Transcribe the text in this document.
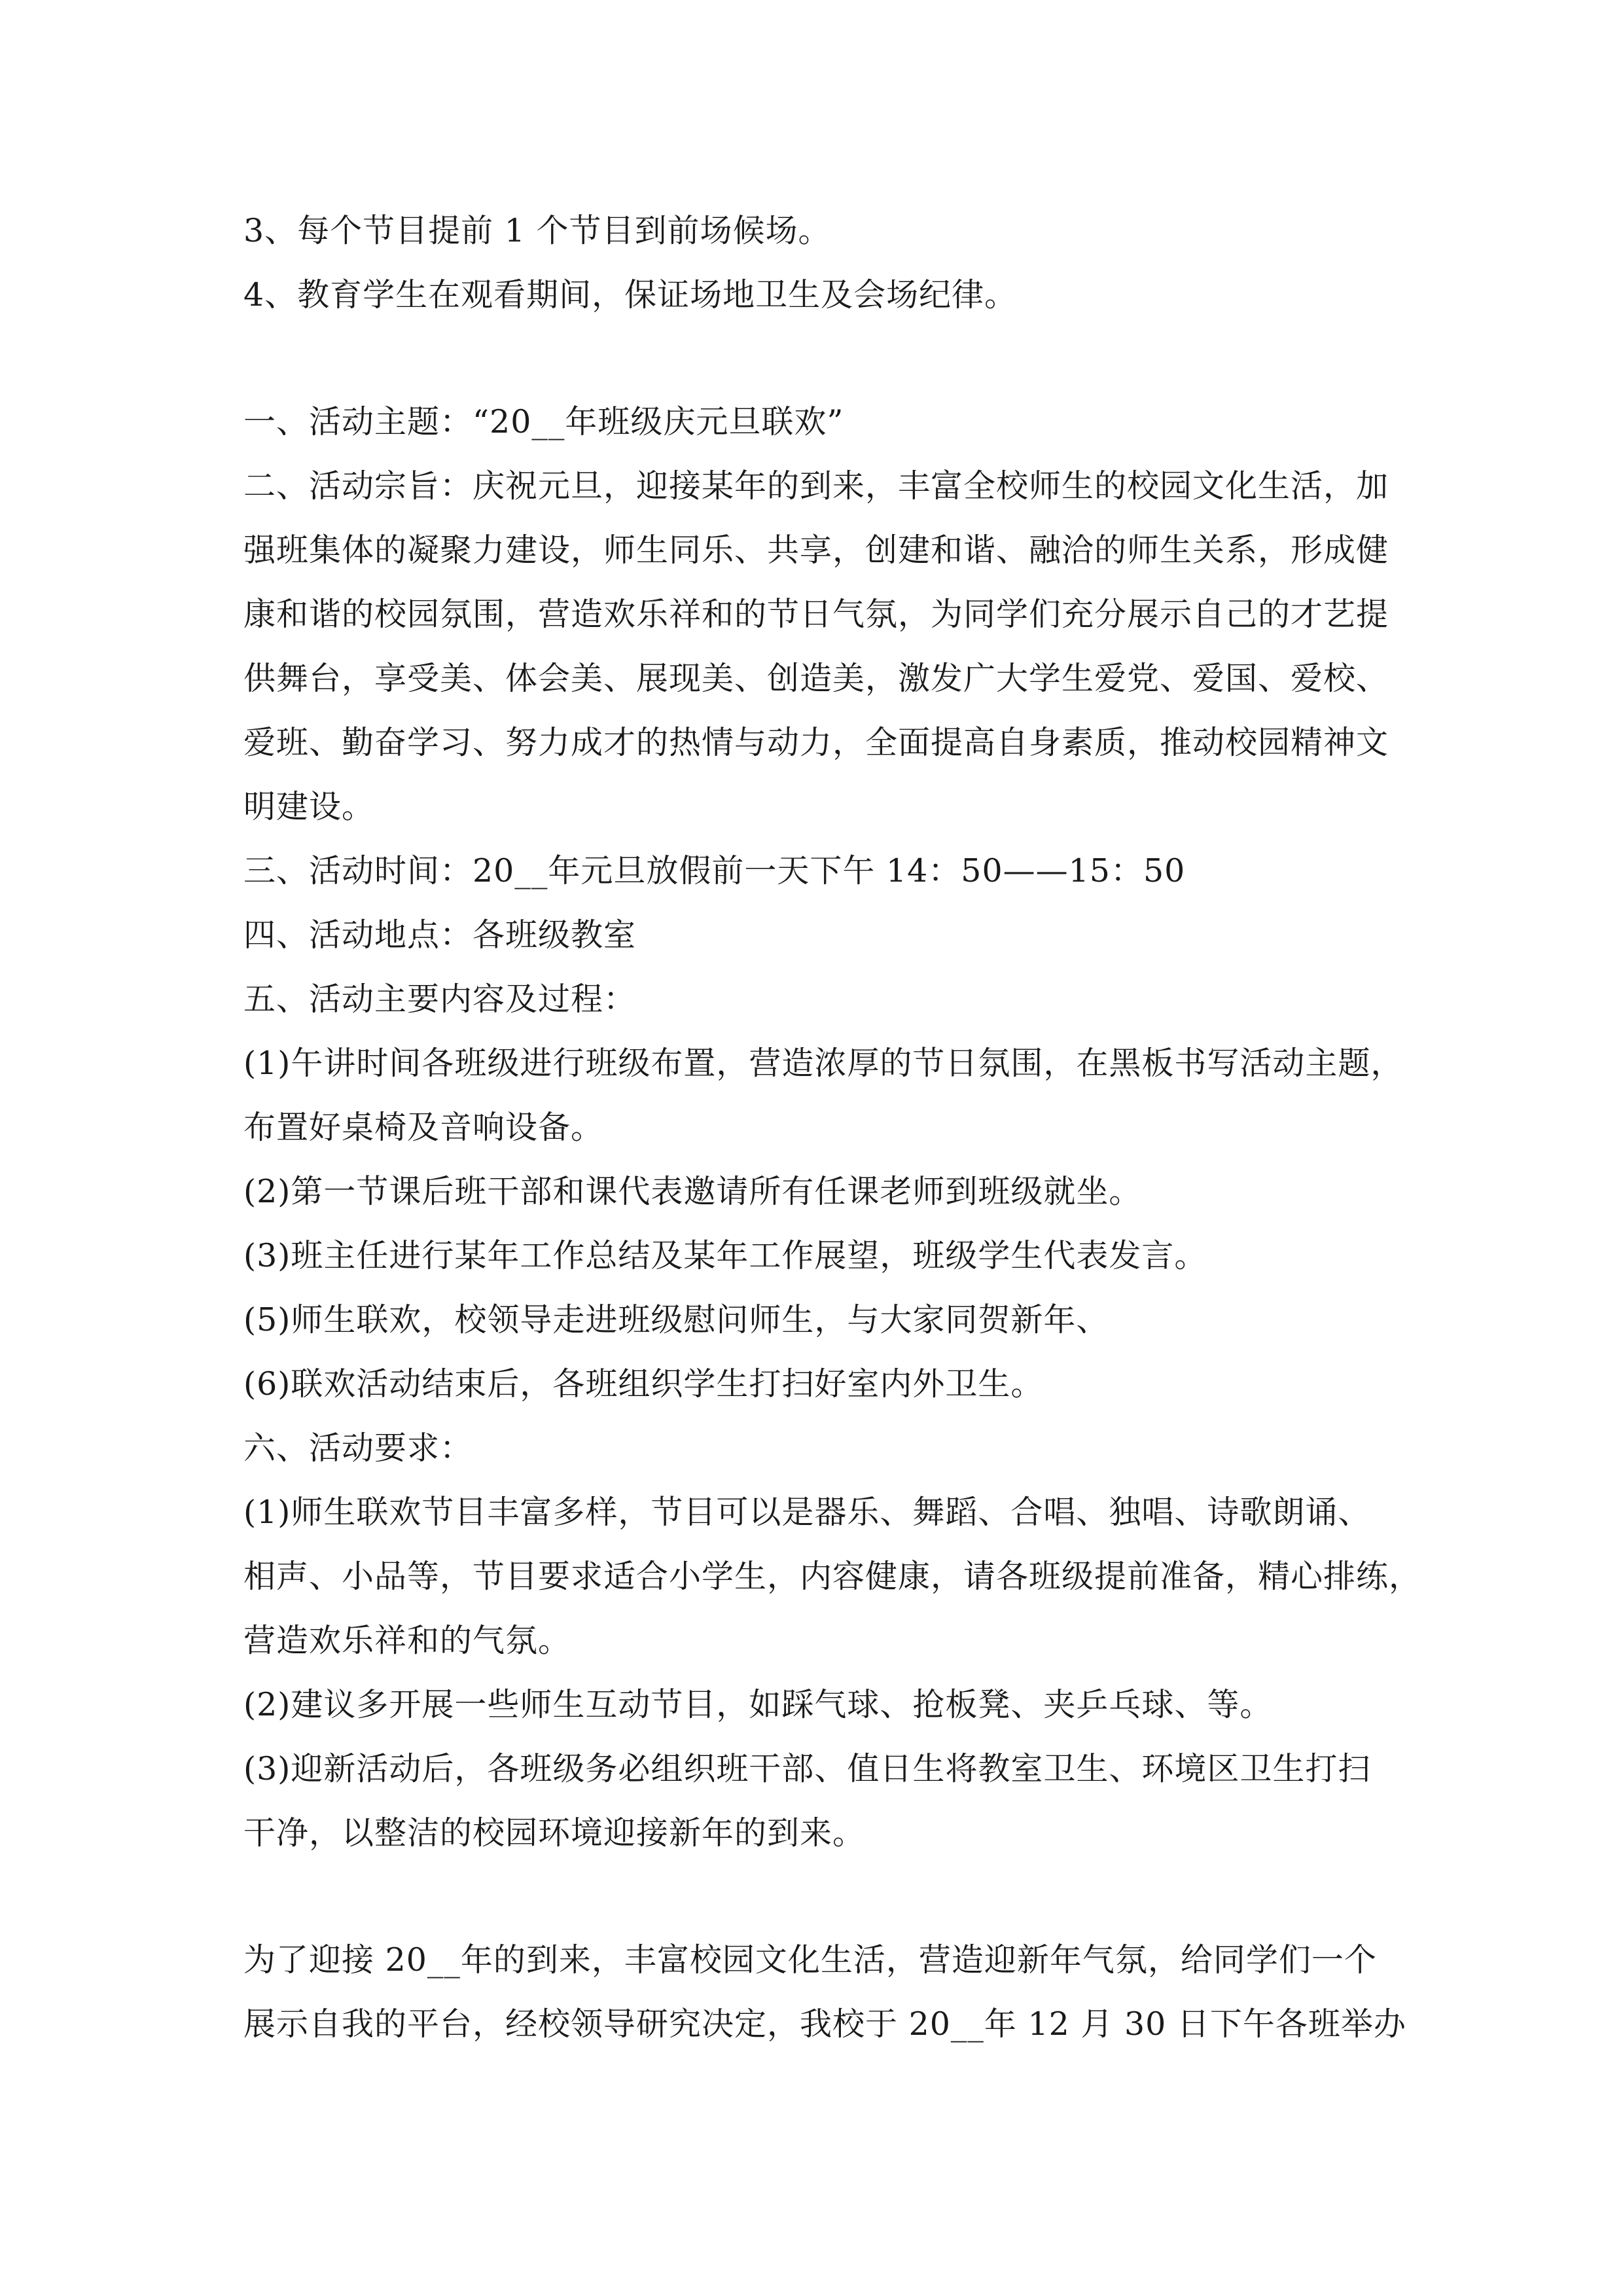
3、每个节目提前 1 个节目到前场候场。
4、教育学生在观看期间，保证场地卫生及会场纪律。
一、活动主题：“20__年班级庆元旦联欢”
二、活动宗旨：庆祝元旦，迎接某年的到来，丰富全校师生的校园文化生活，加
强班集体的凝聚力建设，师生同乐、共享，创建和谐、融洽的师生关系，形成健
康和谐的校园氛围，营造欢乐祥和的节日气氛，为同学们充分展示自己的才艺提
供舞台，享受美、体会美、展现美、创造美，激发广大学生爱党、爱国、爱校、
爱班、勤奋学习、努力成才的热情与动力，全面提高自身素质，推动校园精神文
明建设。
三、活动时间：20__年元旦放假前一天下午 14：50——15：50
四、活动地点：各班级教室
五、活动主要内容及过程：
(1)午讲时间各班级进行班级布置，营造浓厚的节日氛围，在黑板书写活动主题，
布置好桌椅及音响设备。
(2)第一节课后班干部和课代表邀请所有任课老师到班级就坐。
(3)班主任进行某年工作总结及某年工作展望，班级学生代表发言。
(5)师生联欢，校领导走进班级慰问师生，与大家同贺新年、
(6)联欢活动结束后，各班组织学生打扫好室内外卫生。
六、活动要求：
(1)师生联欢节目丰富多样，节目可以是器乐、舞蹈、合唱、独唱、诗歌朗诵、
相声、小品等，节目要求适合小学生，内容健康，请各班级提前准备，精心排练，
营造欢乐祥和的气氛。
(2)建议多开展一些师生互动节目，如踩气球、抢板凳、夹乒乓球、等。
(3)迎新活动后，各班级务必组织班干部、值日生将教室卫生、环境区卫生打扫
干净，以整洁的校园环境迎接新年的到来。
为了迎接 20__年的到来，丰富校园文化生活，营造迎新年气氛，给同学们一个
展示自我的平台，经校领导研究决定，我校于 20__年 12 月 30 日下午各班举办
